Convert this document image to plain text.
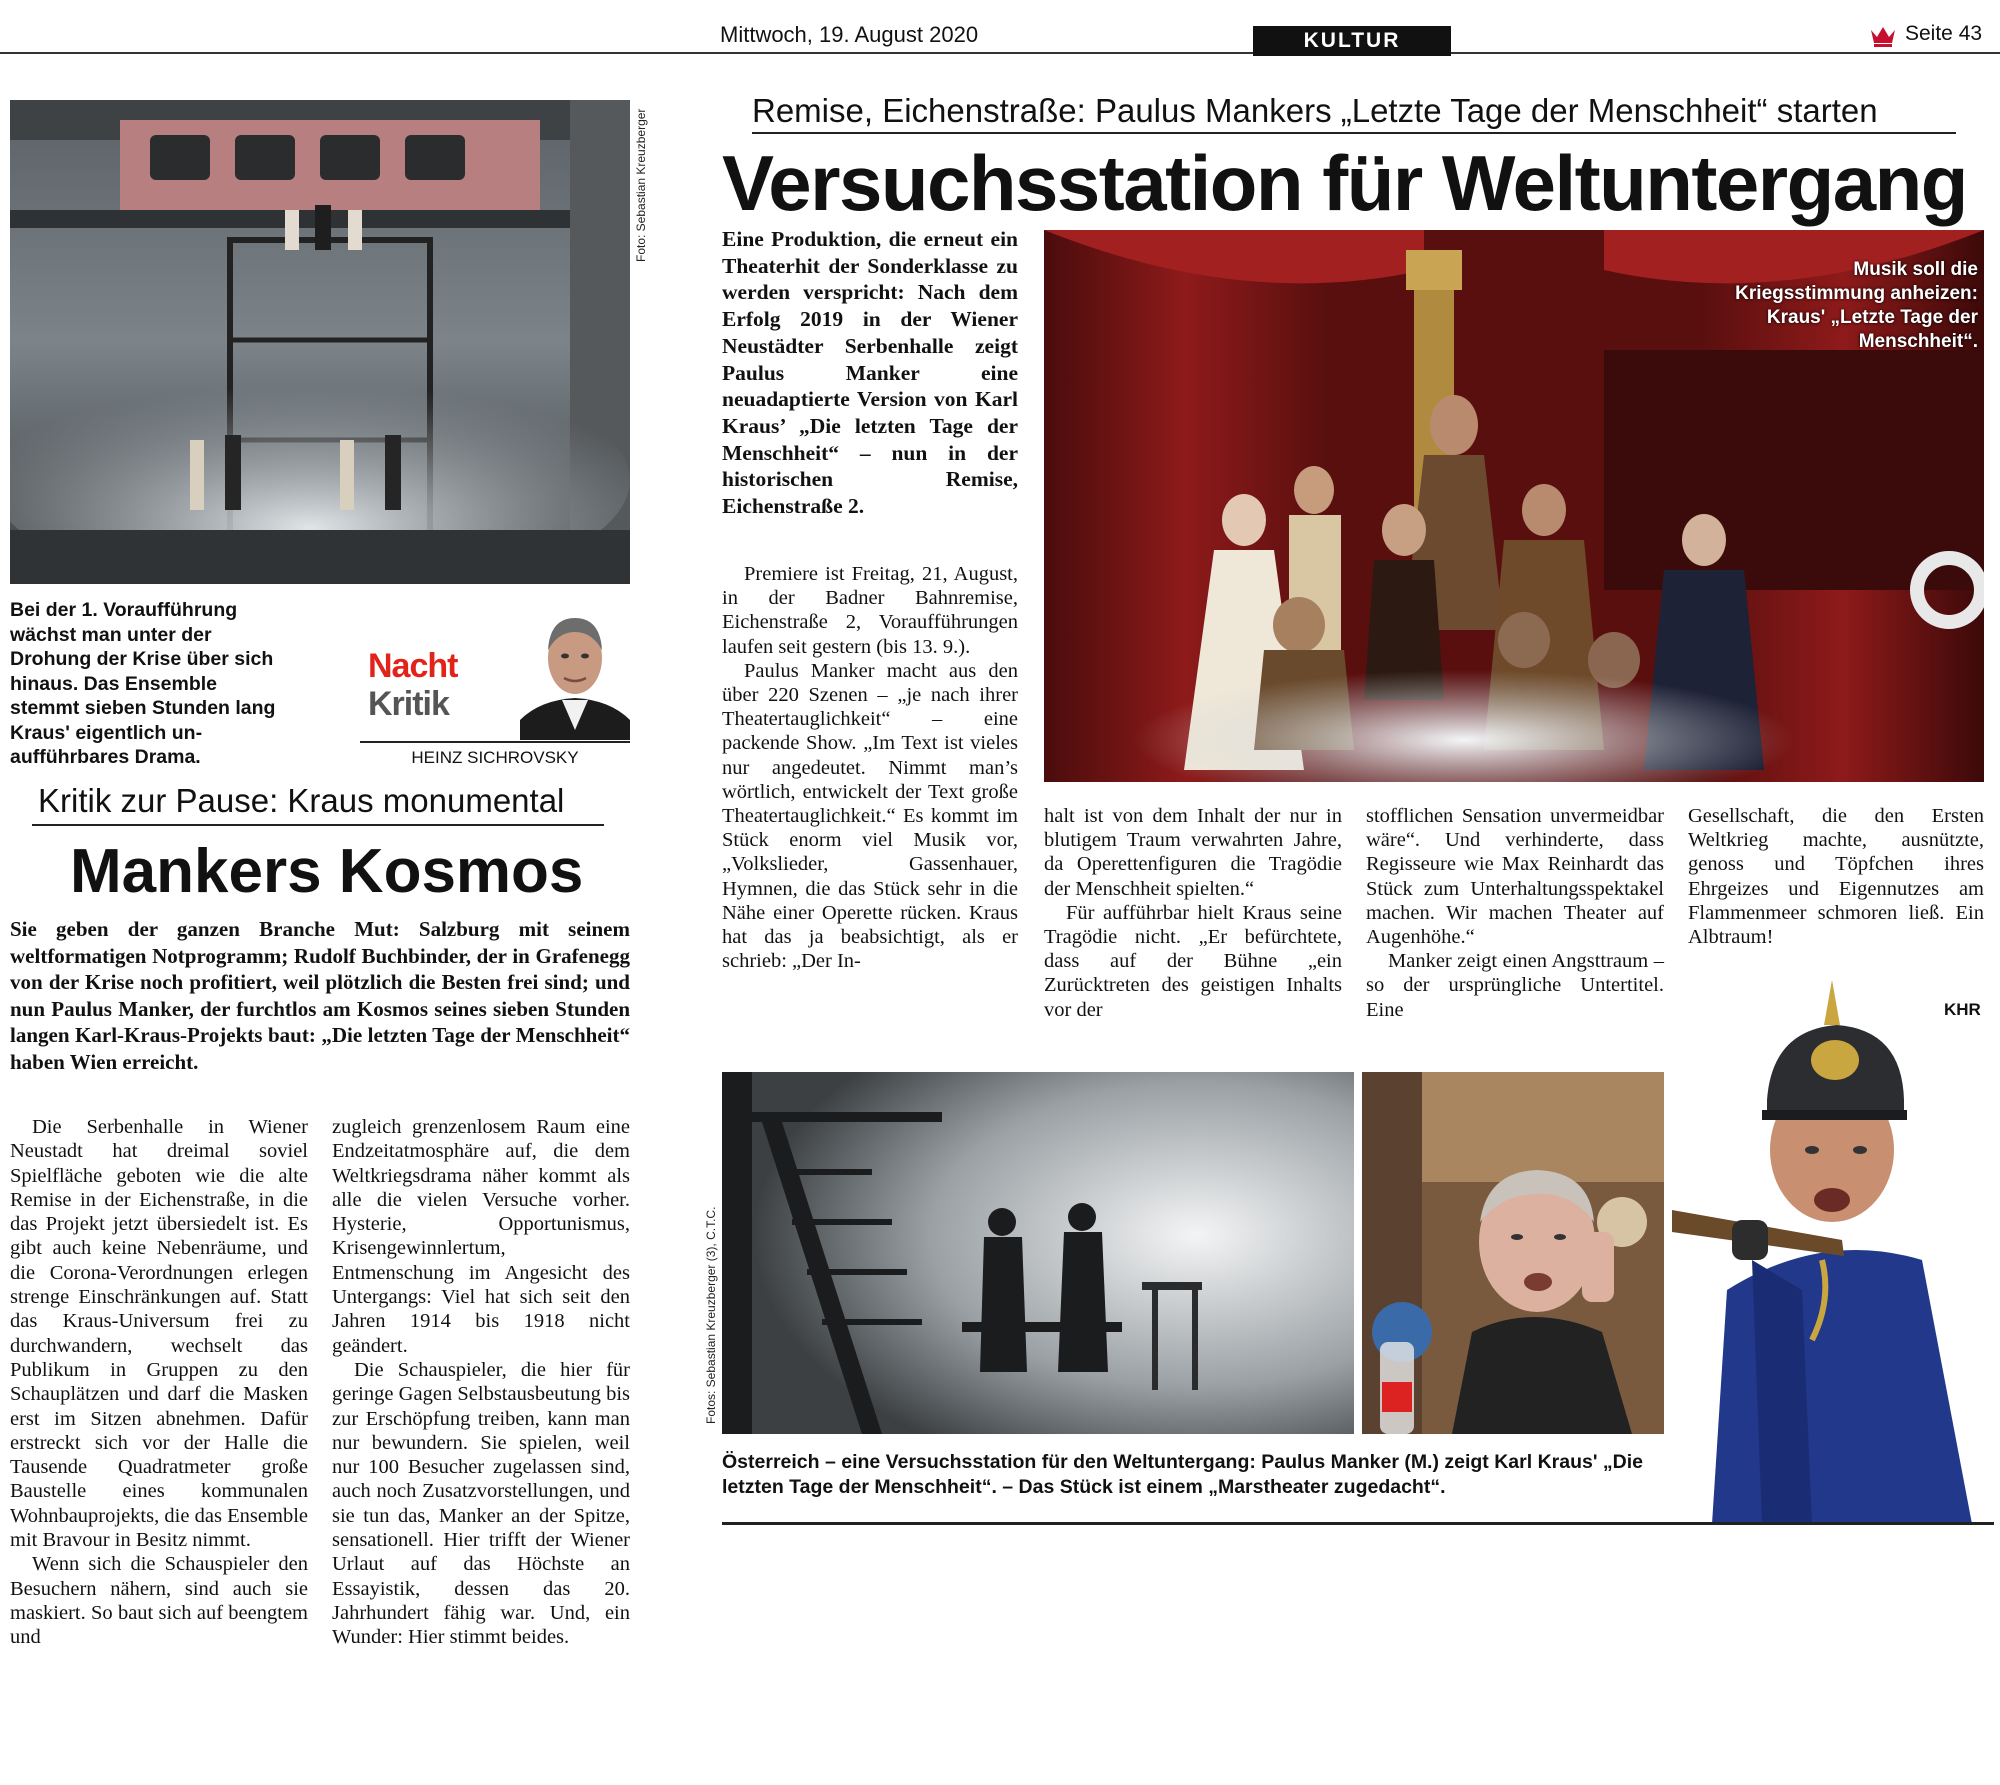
Mittwoch, 19. August 2020	KULTUR	Seite 43
Foto: Sebastian Kreuzberger
Bei der 1. Voraufführung wächst man unter der Drohung der Krise über sich hinaus. Das Ensemble stemmt sieben Stunden lang Kraus' eigentlich un-aufführbares Drama.
Nacht
Kritik
HEINZ SICHROVSKY
Kritik zur Pause: Kraus monumental
Mankers Kosmos
Sie geben der ganzen Branche Mut: Salzburg mit seinem weltformatigen Notprogramm; Rudolf Buchbinder, der in Grafenegg von der Krise noch profitiert, weil plötzlich die Besten frei sind; und nun Paulus Manker, der furchtlos am Kosmos seines sieben Stunden langen Karl-Kraus-Projekts baut: „Die letzten Tage der Menschheit“ haben Wien erreicht.

Die Serbenhalle in Wiener Neustadt hat dreimal soviel Spielfläche geboten wie die alte Remise in der Eichenstraße, in die das Projekt jetzt übersiedelt ist. Es gibt auch keine Nebenräume, und die Corona-Verordnungen erlegen strenge Einschränkungen auf. Statt das Kraus-Universum frei zu durchwandern, wechselt das Publikum in Gruppen zu den Schauplätzen und darf die Masken erst im Sitzen abnehmen. Dafür erstreckt sich vor der Halle die Tausende Quadratmeter große Baustelle eines kommunalen Wohnbauprojekts, die das Ensemble mit Bravour in Besitz nimmt.

Wenn sich die Schauspieler den Besuchern nähern, sind auch sie maskiert. So baut sich auf beengtem und

zugleich grenzenlosem Raum eine Endzeitatmosphäre auf, die dem Weltkriegsdrama näher kommt als alle die vielen Versuche vorher. Hysterie, Opportunismus, Krisengewinnlertum, Entmenschung im Angesicht des Untergangs: Viel hat sich seit den Jahren 1914 bis 1918 nicht geändert.

Die Schauspieler, die hier für geringe Gagen Selbstausbeutung bis zur Erschöpfung treiben, kann man nur bewundern. Sie spielen, weil nur 100 Besucher zugelassen sind, auch noch Zusatzvorstellungen, und sie tun das, Manker an der Spitze, sensationell. Hier trifft der Wiener Urlaut auf das Höchste an Essayistik, dessen das 20. Jahrhundert fähig war. Und, ein Wunder: Hier stimmt beides.

Remise, Eichenstraße: Paulus Mankers „Letzte Tage der Menschheit“ starten
Versuchsstation für Weltuntergang
Eine Produktion, die erneut ein Theaterhit der Sonderklasse zu werden verspricht: Nach dem Erfolg 2019 in der Wiener Neustädter Serbenhalle zeigt Paulus Manker eine neuadaptierte Version von Karl Kraus’ „Die letzten Tage der Menschheit“ – nun in der historischen Remise, Eichenstraße 2.

Premiere ist Freitag, 21, August, in der Badner Bahnremise, Eichenstraße 2, Voraufführungen laufen seit gestern (bis 13. 9.).

Paulus Manker macht aus den über 220 Szenen – „je nach ihrer Theatertauglichkeit“ – eine packende Show. „Im Text ist vieles nur angedeutet. Nimmt man’s wörtlich, entwickelt der Text große Theatertauglichkeit.“ Es kommt im Stück enorm viel Musik vor, „Volkslieder, Gassenhauer, Hymnen, die das Stück sehr in die Nähe einer Operette rücken. Kraus hat das ja beabsichtigt, als er schrieb: „Der In-

Musik soll die Kriegsstimmung anheizen: Kraus' „Letzte Tage der Menschheit“.

halt ist von dem Inhalt der nur in blutigem Traum verwahrten Jahre, da Operettenfiguren die Tragödie der Menschheit spielten.“

Für aufführbar hielt Kraus seine Tragödie nicht. „Er befürchtete, dass auf der Bühne „ein Zurücktreten des geistigen Inhalts vor der

stofflichen Sensation unvermeidbar wäre“. Und verhinderte, dass Regisseure wie Max Reinhardt das Stück zum Unterhaltungsspektakel machen. Wir machen Theater auf Augenhöhe.“

Manker zeigt einen Angsttraum – so der ursprüngliche Untertitel. Eine

Gesellschaft, die den Ersten Weltkrieg machte, ausnützte, genoss und Töpfchen ihres Ehrgeizes und Eigennutzes am Flammenmeer schmoren ließ. Ein Albtraum!

KHR
Fotos: Sebastian Kreuzberger (3), C.T.C.
Österreich – eine Versuchsstation für den Weltuntergang: Paulus Manker (M.) zeigt Karl Kraus' „Die letzten Tage der Menschheit“. – Das Stück ist einem „Marstheater zugedacht“.
